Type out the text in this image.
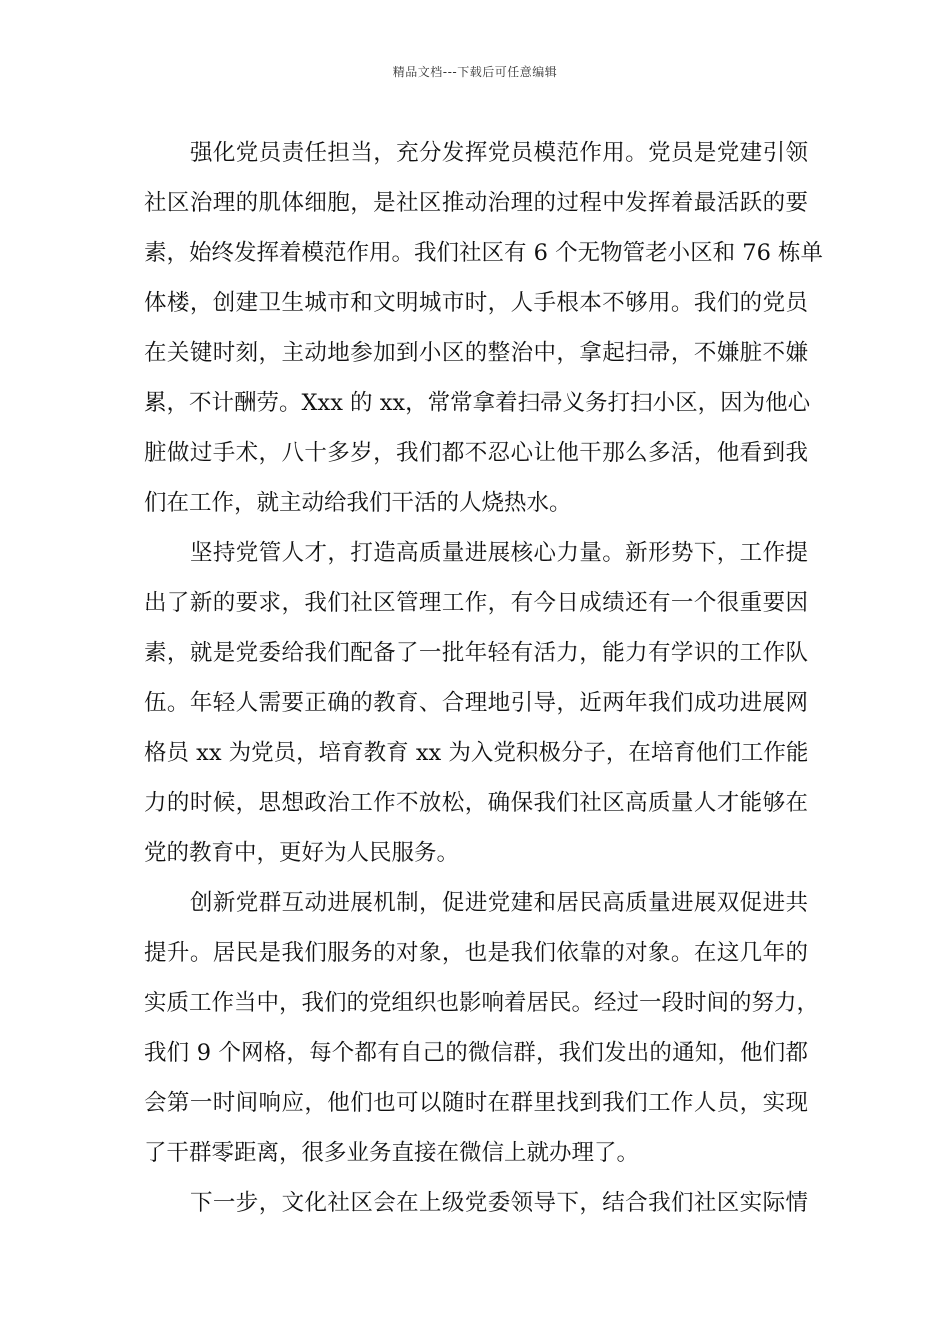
精品文档---下载后可任意编辑
强化党员责任担当，充分发挥党员模范作用。党员是党建引领
社区治理的肌体细胞，是社区推动治理的过程中发挥着最活跃的要
素，始终发挥着模范作用。我们社区有 6 个无物管老小区和 76 栋单
体楼，创建卫生城市和文明城市时，人手根本不够用。我们的党员
在关键时刻，主动地参加到小区的整治中，拿起扫帚，不嫌脏不嫌
累，不计酬劳。Xxx 的 xx，常常拿着扫帚义务打扫小区，因为他心
脏做过手术，八十多岁，我们都不忍心让他干那么多活，他看到我
们在工作，就主动给我们干活的人烧热水。
坚持党管人才，打造高质量进展核心力量。新形势下，工作提
出了新的要求，我们社区管理工作，有今日成绩还有一个很重要因
素，就是党委给我们配备了一批年轻有活力，能力有学识的工作队
伍。年轻人需要正确的教育、合理地引导，近两年我们成功进展网
格员 xx 为党员，培育教育 xx 为入党积极分子，在培育他们工作能
力的时候，思想政治工作不放松，确保我们社区高质量人才能够在
党的教育中，更好为人民服务。
创新党群互动进展机制，促进党建和居民高质量进展双促进共
提升。居民是我们服务的对象，也是我们依靠的对象。在这几年的
实质工作当中，我们的党组织也影响着居民。经过一段时间的努力，
我们 9 个网格，每个都有自己的微信群，我们发出的通知，他们都
会第一时间响应，他们也可以随时在群里找到我们工作人员，实现
了干群零距离，很多业务直接在微信上就办理了。
下一步，文化社区会在上级党委领导下，结合我们社区实际情
